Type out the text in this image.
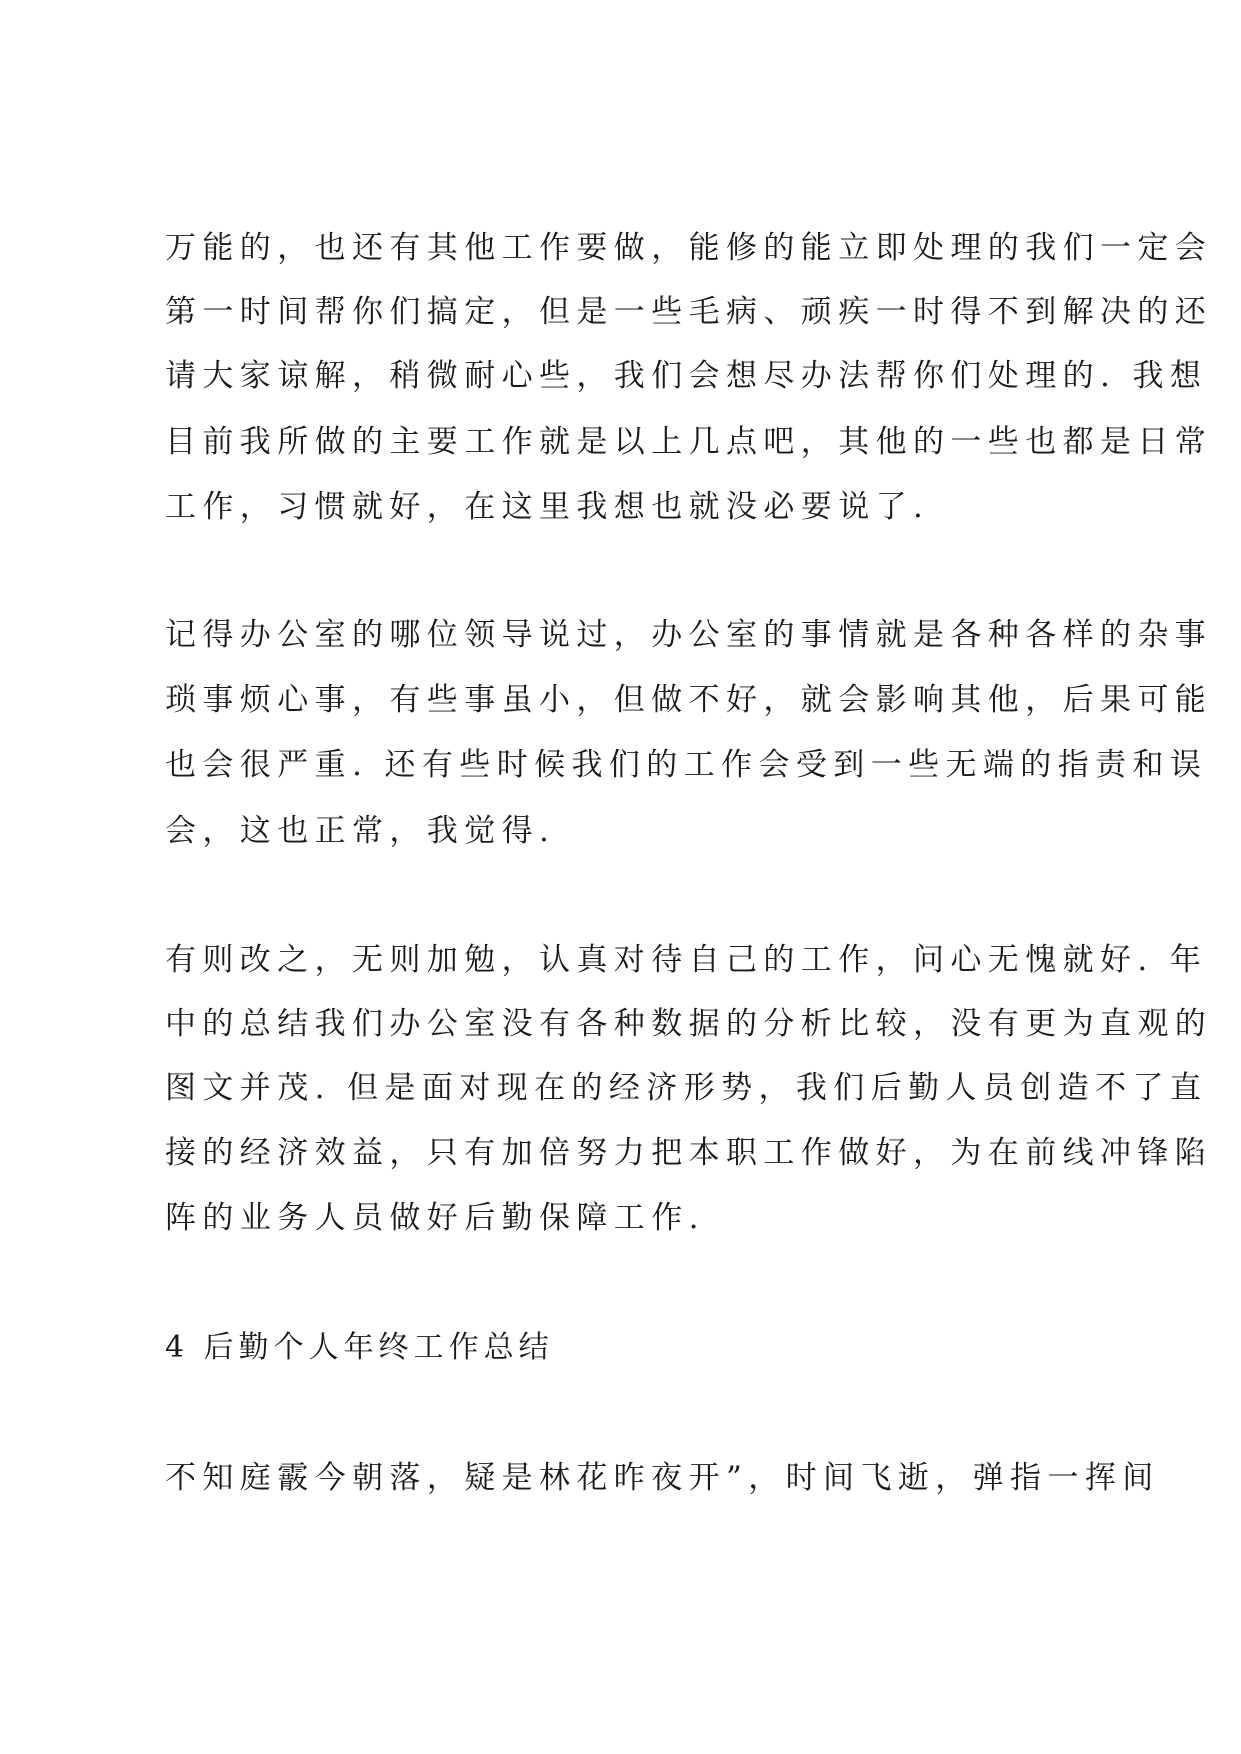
万能的，也还有其他工作要做，能修的能立即处理的我们一定会

第一时间帮你们搞定，但是一些毛病、顽疾一时得不到解决的还

请大家谅解，稍微耐心些，我们会想尽办法帮你们处理的. 我想

目前我所做的主要工作就是以上几点吧，其他的一些也都是日常

工作，习惯就好，在这里我想也就没必要说了.

记得办公室的哪位领导说过，办公室的事情就是各种各样的杂事

琐事烦心事，有些事虽小，但做不好，就会影响其他，后果可能

也会很严重. 还有些时候我们的工作会受到一些无端的指责和误

会，这也正常，我觉得.

有则改之，无则加勉，认真对待自己的工作，问心无愧就好. 年

中的总结我们办公室没有各种数据的分析比较，没有更为直观的

图文并茂. 但是面对现在的经济形势，我们后勤人员创造不了直

接的经济效益，只有加倍努力把本职工作做好，为在前线冲锋陷

阵的业务人员做好后勤保障工作.

4 后勤个人年终工作总结

不知庭霰今朝落，疑是林花昨夜开”，时间飞逝，弹指一挥间
